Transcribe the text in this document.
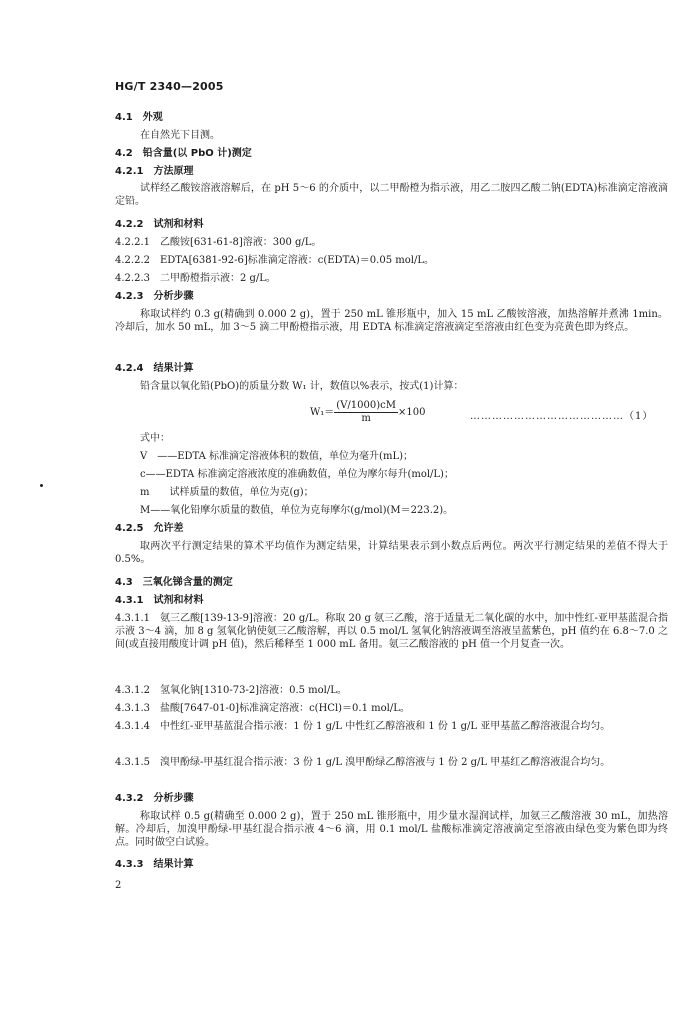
HG/T 2340—2005
4.1　外观
在自然光下目测。
4.2　铅含量(以 PbO 计)测定
4.2.1　方法原理
试样经乙酸铵溶液溶解后，在 pH 5～6 的介质中，以二甲酚橙为指示液，用乙二胺四乙酸二钠(EDTA)标准滴定溶液滴定铅。
4.2.2　试剂和材料
4.2.2.1　乙酸铵[631-61-8]溶液：300 g/L。
4.2.2.2　EDTA[6381-92-6]标准滴定溶液：c(EDTA)＝0.05 mol/L。
4.2.2.3　二甲酚橙指示液：2 g/L。
4.2.3　分析步骤
称取试样约 0.3 g(精确到 0.000 2 g)，置于 250 mL 锥形瓶中，加入 15 mL 乙酸铵溶液，加热溶解并煮沸 1min。冷却后，加水 50 mL，加 3～5 滴二甲酚橙指示液，用 EDTA 标准滴定溶液滴定至溶液由红色变为亮黄色即为终点。
4.2.4　结果计算
铅含量以氧化铅(PbO)的质量分数 W₁ 计，数值以%表示，按式(1)计算：
$W_1= \frac{(V/1000)cM}{m} \times 100$	……………………………………（1）
式中：
V　——EDTA 标准滴定溶液体积的数值，单位为毫升(mL)；
c——EDTA 标准滴定溶液浓度的准确数值，单位为摩尔每升(mol/L)；
m　　试样质量的数值，单位为克(g)；
M——氧化铅摩尔质量的数值，单位为克每摩尔(g/mol)(M＝223.2)。
4.2.5　允许差
取两次平行测定结果的算术平均值作为测定结果，计算结果表示到小数点后两位。两次平行测定结果的差值不得大于 0.5%。
4.3　三氧化锑含量的测定
4.3.1　试剂和材料
4.3.1.1　氨三乙酸[139-13-9]溶液：20 g/L。称取 20 g 氨三乙酸，溶于适量无二氧化碳的水中，加中性红-亚甲基蓝混合指示液 3～4 滴，加 8 g 氢氧化钠使氨三乙酸溶解，再以 0.5 mol/L 氢氧化钠溶液调至溶液呈蓝紫色，pH 值约在 6.8～7.0 之间(或直接用酸度计调 pH 值)，然后稀释至 1 000 mL 备用。氨三乙酸溶液的 pH 值一个月复查一次。
4.3.1.2　氢氧化钠[1310-73-2]溶液：0.5 mol/L。
4.3.1.3　盐酸[7647-01-0]标准滴定溶液：c(HCl)＝0.1 mol/L。
4.3.1.4　中性红-亚甲基蓝混合指示液：1 份 1 g/L 中性红乙醇溶液和 1 份 1 g/L 亚甲基蓝乙醇溶液混合均匀。
4.3.1.5　溴甲酚绿-甲基红混合指示液：3 份 1 g/L 溴甲酚绿乙醇溶液与 1 份 2 g/L 甲基红乙醇溶液混合均匀。
4.3.2　分析步骤
称取试样 0.5 g(精确至 0.000 2 g)，置于 250 mL 锥形瓶中，用少量水湿润试样，加氨三乙酸溶液 30 mL，加热溶解。冷却后，加溴甲酚绿-甲基红混合指示液 4～6 滴，用 0.1 mol/L 盐酸标准滴定溶液滴定至溶液由绿色变为紫色即为终点。同时做空白试验。
4.3.3　结果计算
2
